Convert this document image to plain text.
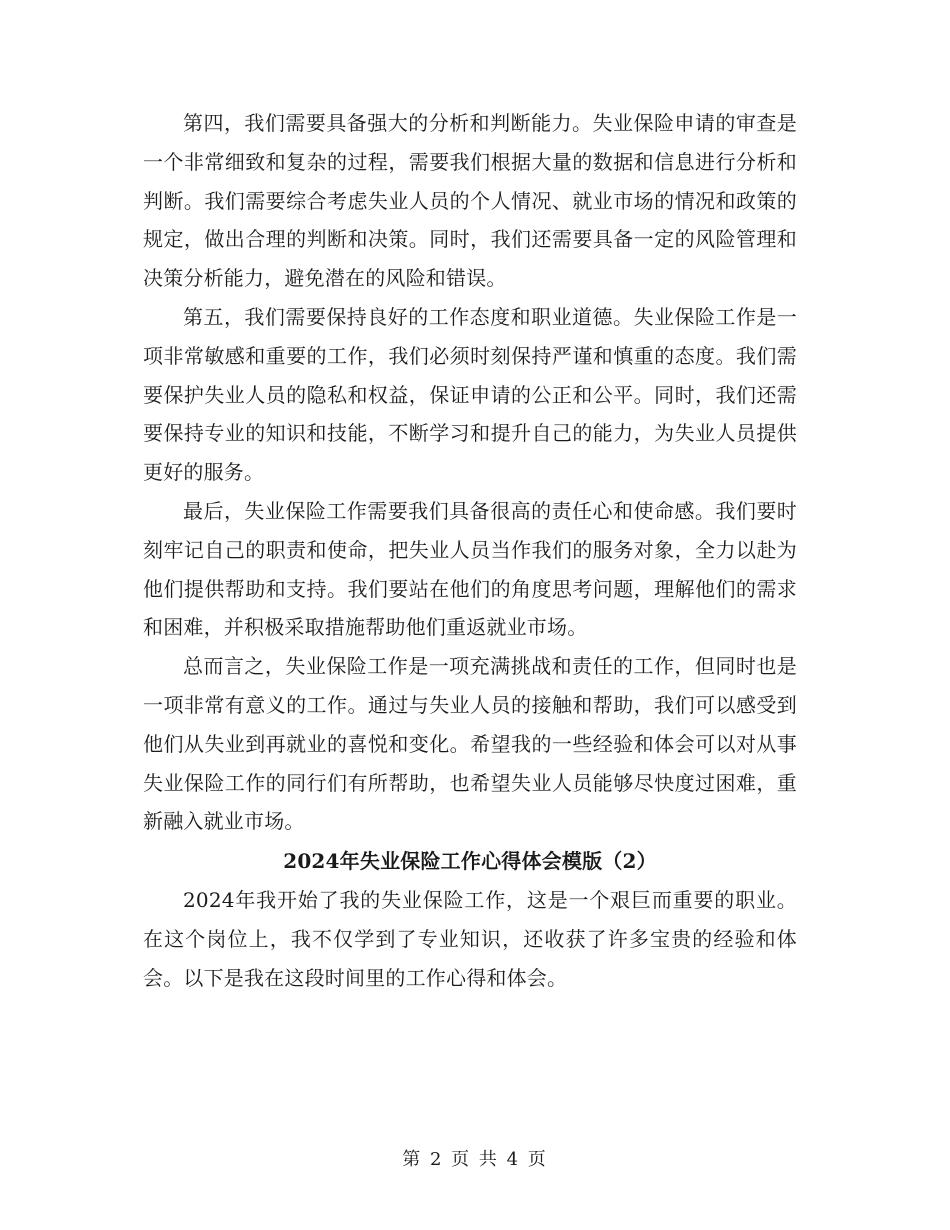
第四，我们需要具备强大的分析和判断能力。失业保险申请的审查是一个非常细致和复杂的过程，需要我们根据大量的数据和信息进行分析和判断。我们需要综合考虑失业人员的个人情况、就业市场的情况和政策的规定，做出合理的判断和决策。同时，我们还需要具备一定的风险管理和决策分析能力，避免潜在的风险和错误。

第五，我们需要保持良好的工作态度和职业道德。失业保险工作是一项非常敏感和重要的工作，我们必须时刻保持严谨和慎重的态度。我们需要保护失业人员的隐私和权益，保证申请的公正和公平。同时，我们还需要保持专业的知识和技能，不断学习和提升自己的能力，为失业人员提供更好的服务。

最后，失业保险工作需要我们具备很高的责任心和使命感。我们要时刻牢记自己的职责和使命，把失业人员当作我们的服务对象，全力以赴为他们提供帮助和支持。我们要站在他们的角度思考问题，理解他们的需求和困难，并积极采取措施帮助他们重返就业市场。

总而言之，失业保险工作是一项充满挑战和责任的工作，但同时也是一项非常有意义的工作。通过与失业人员的接触和帮助，我们可以感受到他们从失业到再就业的喜悦和变化。希望我的一些经验和体会可以对从事失业保险工作的同行们有所帮助，也希望失业人员能够尽快度过困难，重新融入就业市场。

2024年失业保险工作心得体会模版（2）

2024年我开始了我的失业保险工作，这是一个艰巨而重要的职业。在这个岗位上，我不仅学到了专业知识，还收获了许多宝贵的经验和体会。以下是我在这段时间里的工作心得和体会。

第 2 页 共 4 页
